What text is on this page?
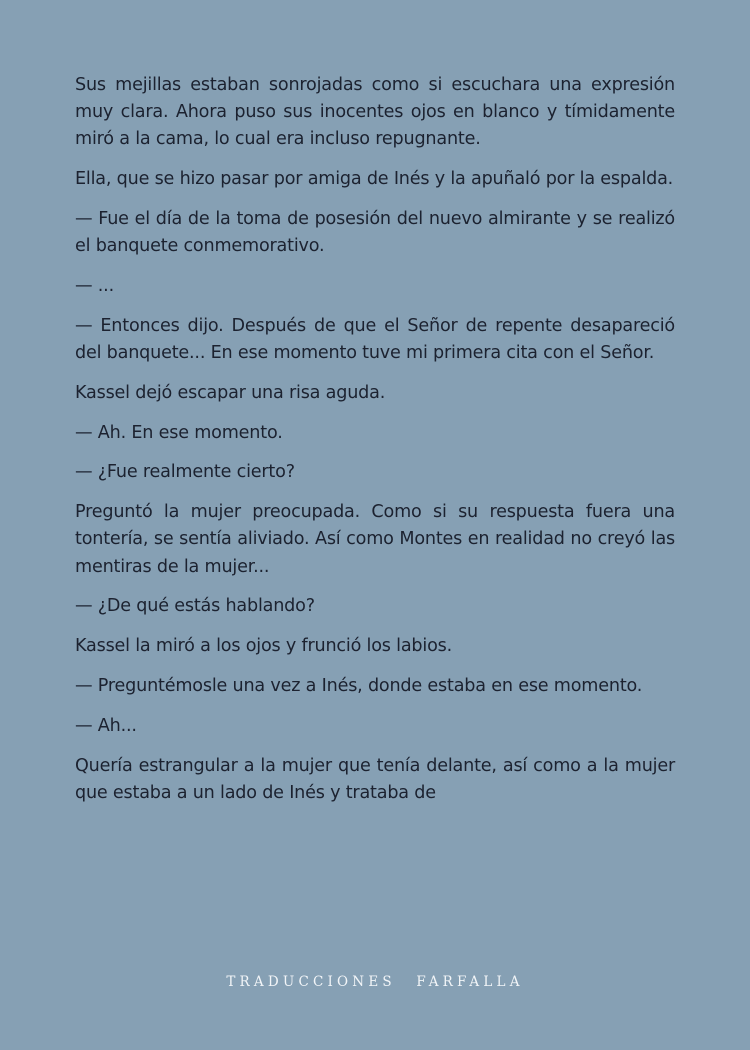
Sus mejillas estaban sonrojadas como si escuchara una expresión muy clara. Ahora puso sus inocentes ojos en blanco y tímidamente miró a la cama, lo cual era incluso repugnante.

Ella, que se hizo pasar por amiga de Inés y la apuñaló por la espalda.

— Fue el día de la toma de posesión del nuevo almirante y se realizó el banquete conmemorativo.

— ...

— Entonces dijo. Después de que el Señor de repente desapareció del banquete... En ese momento tuve mi primera cita con el Señor.

Kassel dejó escapar una risa aguda.

— Ah. En ese momento.

— ¿Fue realmente cierto?

Preguntó la mujer preocupada. Como si su respuesta fuera una tontería, se sentía aliviado. Así como Montes en realidad no creyó las mentiras de la mujer...

— ¿De qué estás hablando?

Kassel la miró a los ojos y frunció los labios.

— Preguntémosle una vez a Inés, donde estaba en ese momento.

— Ah...

Quería estrangular a la mujer que tenía delante, así como a la mujer que estaba a un lado de Inés y trataba de

TRADUCCIONES FARFALLA
